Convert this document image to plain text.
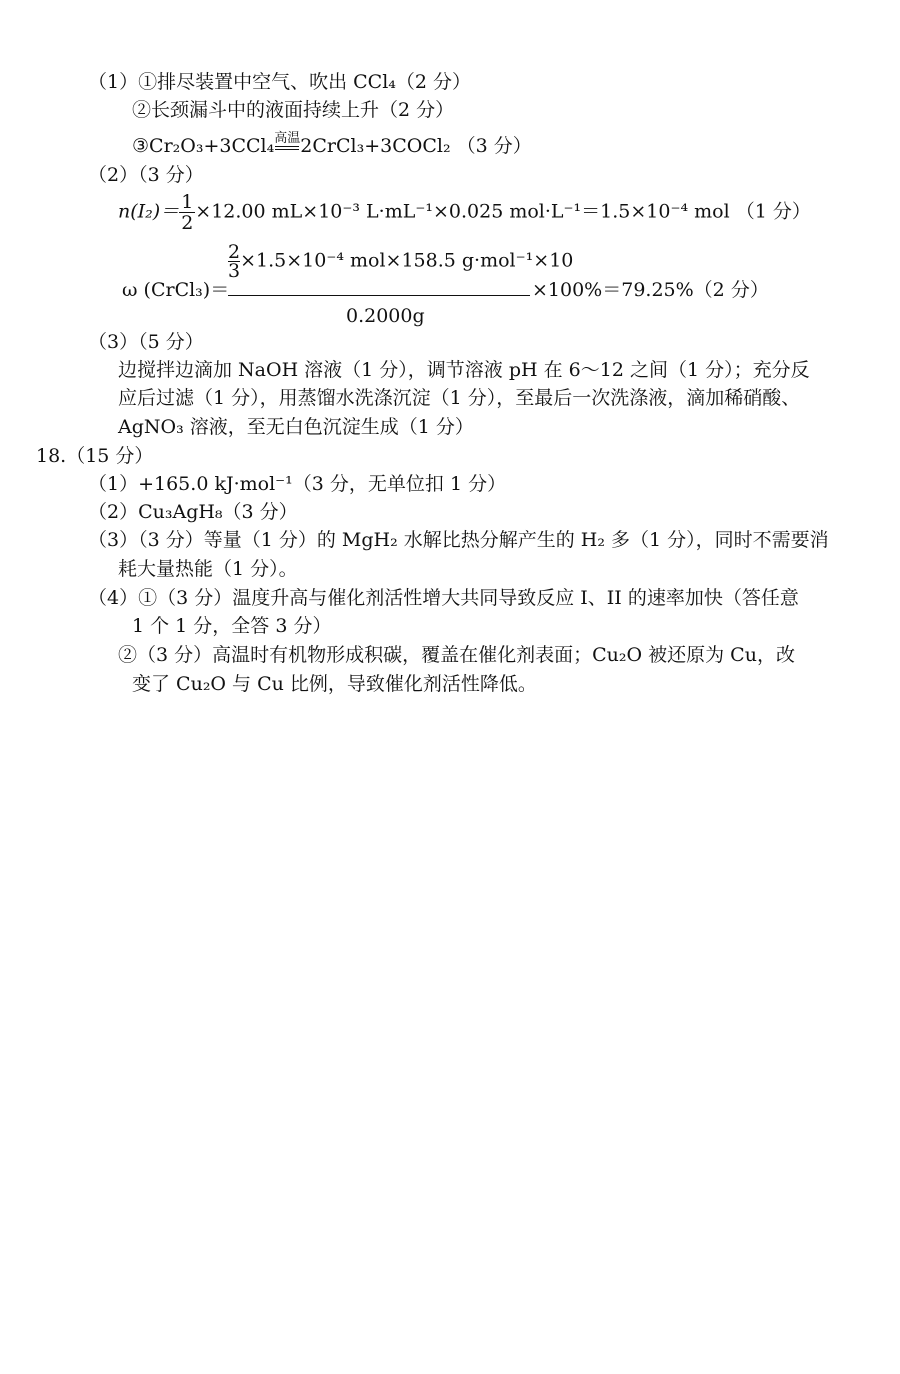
（1）①排尽装置中空气、吹出 CCl₄（2 分）
②长颈漏斗中的液面持续上升（2 分）
③Cr₂O₃+3CCl₄ 高温 2CrCl₃+3COCl₂ （3 分）
（2）（3 分）
$n(I_2)= \frac{1}{2} \times 12.00$ mL×10⁻³ L·mL⁻¹×0.025 mol·L⁻¹＝1.5×10⁻⁴ mol （1 分）
ω (CrCl₃)＝
$\frac{2}{3} \times 1.5\times 10^{-4}$ mol×158.5 g·mol⁻¹×10
0.2000g
×100%＝79.25%（2 分）
（3）（5 分）
边搅拌边滴加 NaOH 溶液（1 分），调节溶液 pH 在 6～12 之间（1 分）；充分反
应后过滤（1 分），用蒸馏水洗涤沉淀（1 分），至最后一次洗涤液，滴加稀硝酸、
AgNO₃ 溶液，至无白色沉淀生成（1 分）
18.（15 分）
（1）+165.0 kJ·mol⁻¹（3 分，无单位扣 1 分）
（2）Cu₃AgH₈（3 分）
（3）（3 分）等量（1 分）的 MgH₂ 水解比热分解产生的 H₂ 多（1 分），同时不需要消
耗大量热能（1 分）。
（4）①（3 分）温度升高与催化剂活性增大共同导致反应 I、II 的速率加快（答任意
1 个 1 分，全答 3 分）
②（3 分）高温时有机物形成积碳，覆盖在催化剂表面；Cu₂O 被还原为 Cu，改
变了 Cu₂O 与 Cu 比例，导致催化剂活性降低。
